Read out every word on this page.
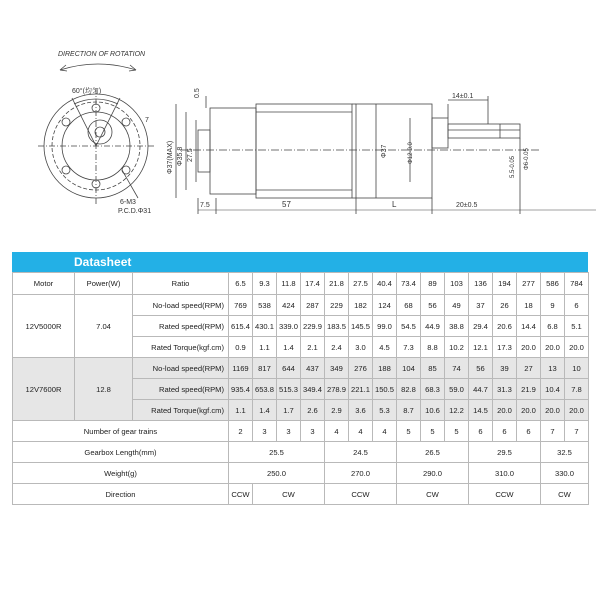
DIRECTION OF ROTATION
60°(均匀)
6-M3
P.C.D.Φ31
0.5
7
Φ37(MAX) Φ35.8 27.5	Φ37	Φ12-0.0
14±0.1
Φ6-0.05
5.5-0.05
7.5	57	L	20±0.5
Datasheet
Motor	Power(W)	Ratio	6.5	9.3	11.8	17.4	21.8	27.5	40.4	73.4	89	103	136	194	277	586	784
12V5000R	7.04	No-load speed(RPM)	769	538	424	287	229	182	124	68	56	49	37	26	18	9	6
		Rated speed(RPM)	615.4	430.1	339.0	229.9	183.5	145.5	99.0	54.5	44.9	38.8	29.4	20.6	14.4	6.8	5.1
		Rated Torque(kgf.cm)	0.9	1.1	1.4	2.1	2.4	3.0	4.5	7.3	8.8	10.2	12.1	17.3	20.0	20.0	20.0
12V7600R	12.8	No-load speed(RPM)	1169	817	644	437	349	276	188	104	85	74	56	39	27	13	10
		Rated speed(RPM)	935.4	653.8	515.3	349.4	278.9	221.1	150.5	82.8	68.3	59.0	44.7	31.3	21.9	10.4	7.8
		Rated Torque(kgf.cm)	1.1	1.4	1.7	2.6	2.9	3.6	5.3	8.7	10.6	12.2	14.5	20.0	20.0	20.0	20.0
Number of gear trains			2	3	3	3	4	4	4	5	5	5	6	6	6	7	7
Gearbox Length(mm)			25.5				24.5			26.5			29.5			32.5	
Weight(g)			250.0				270.0			290.0			310.0			330.0	
Direction			CCW	CW			CCW			CW			CCW			CW	
